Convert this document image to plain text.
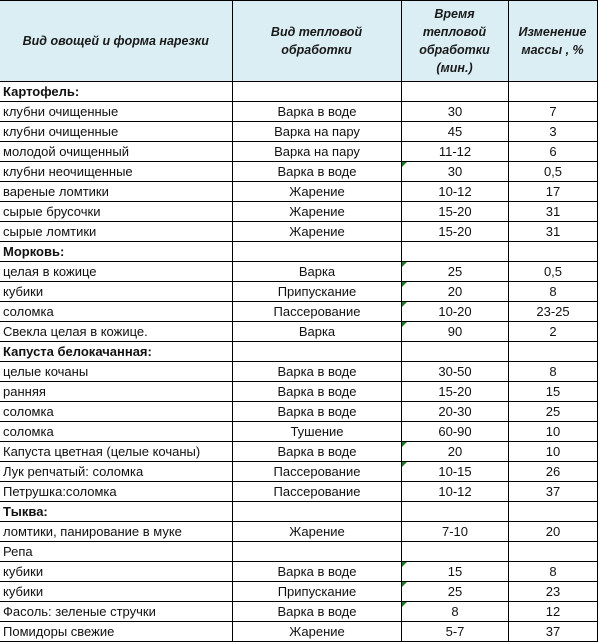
Вид овощей и форма нарезки	Вид тепловой обработки	Время тепловой обработки (мин.)	Изменение массы , %
Картофель:			
клубни очищенные	Варка в воде	30	7
клубни очищенные	Варка на пару	45	3
молодой очищенный	Варка на пару	11-12	6
клубни неочищенные	Варка в воде	30	0,5
вареные ломтики	Жарение	10-12	17
сырые брусочки	Жарение	15-20	31
сырые ломтики	Жарение	15-20	31
Морковь:			
целая в кожице	Варка	25	0,5
кубики	Припускание	20	8
соломка	Пассерование	10-20	23-25
Свекла целая в кожице.	Варка	90	2
Капуста белокачанная:			
целые кочаны	Варка в воде	30-50	8
ранняя	Варка в воде	15-20	15
соломка	Варка в воде	20-30	25
соломка	Тушение	60-90	10
Капуста цветная (целые кочаны)	Варка в воде	20	10
Лук репчатый: соломка	Пассерование	10-15	26
Петрушка:соломка	Пассерование	10-12	37
Тыква:			
ломтики, панирование в муке	Жарение	7-10	20
Репа			
кубики	Варка в воде	15	8
кубики	Припускание	25	23
Фасоль: зеленые стручки	Варка в воде	8	12
Помидоры свежие	Жарение	5-7	37
